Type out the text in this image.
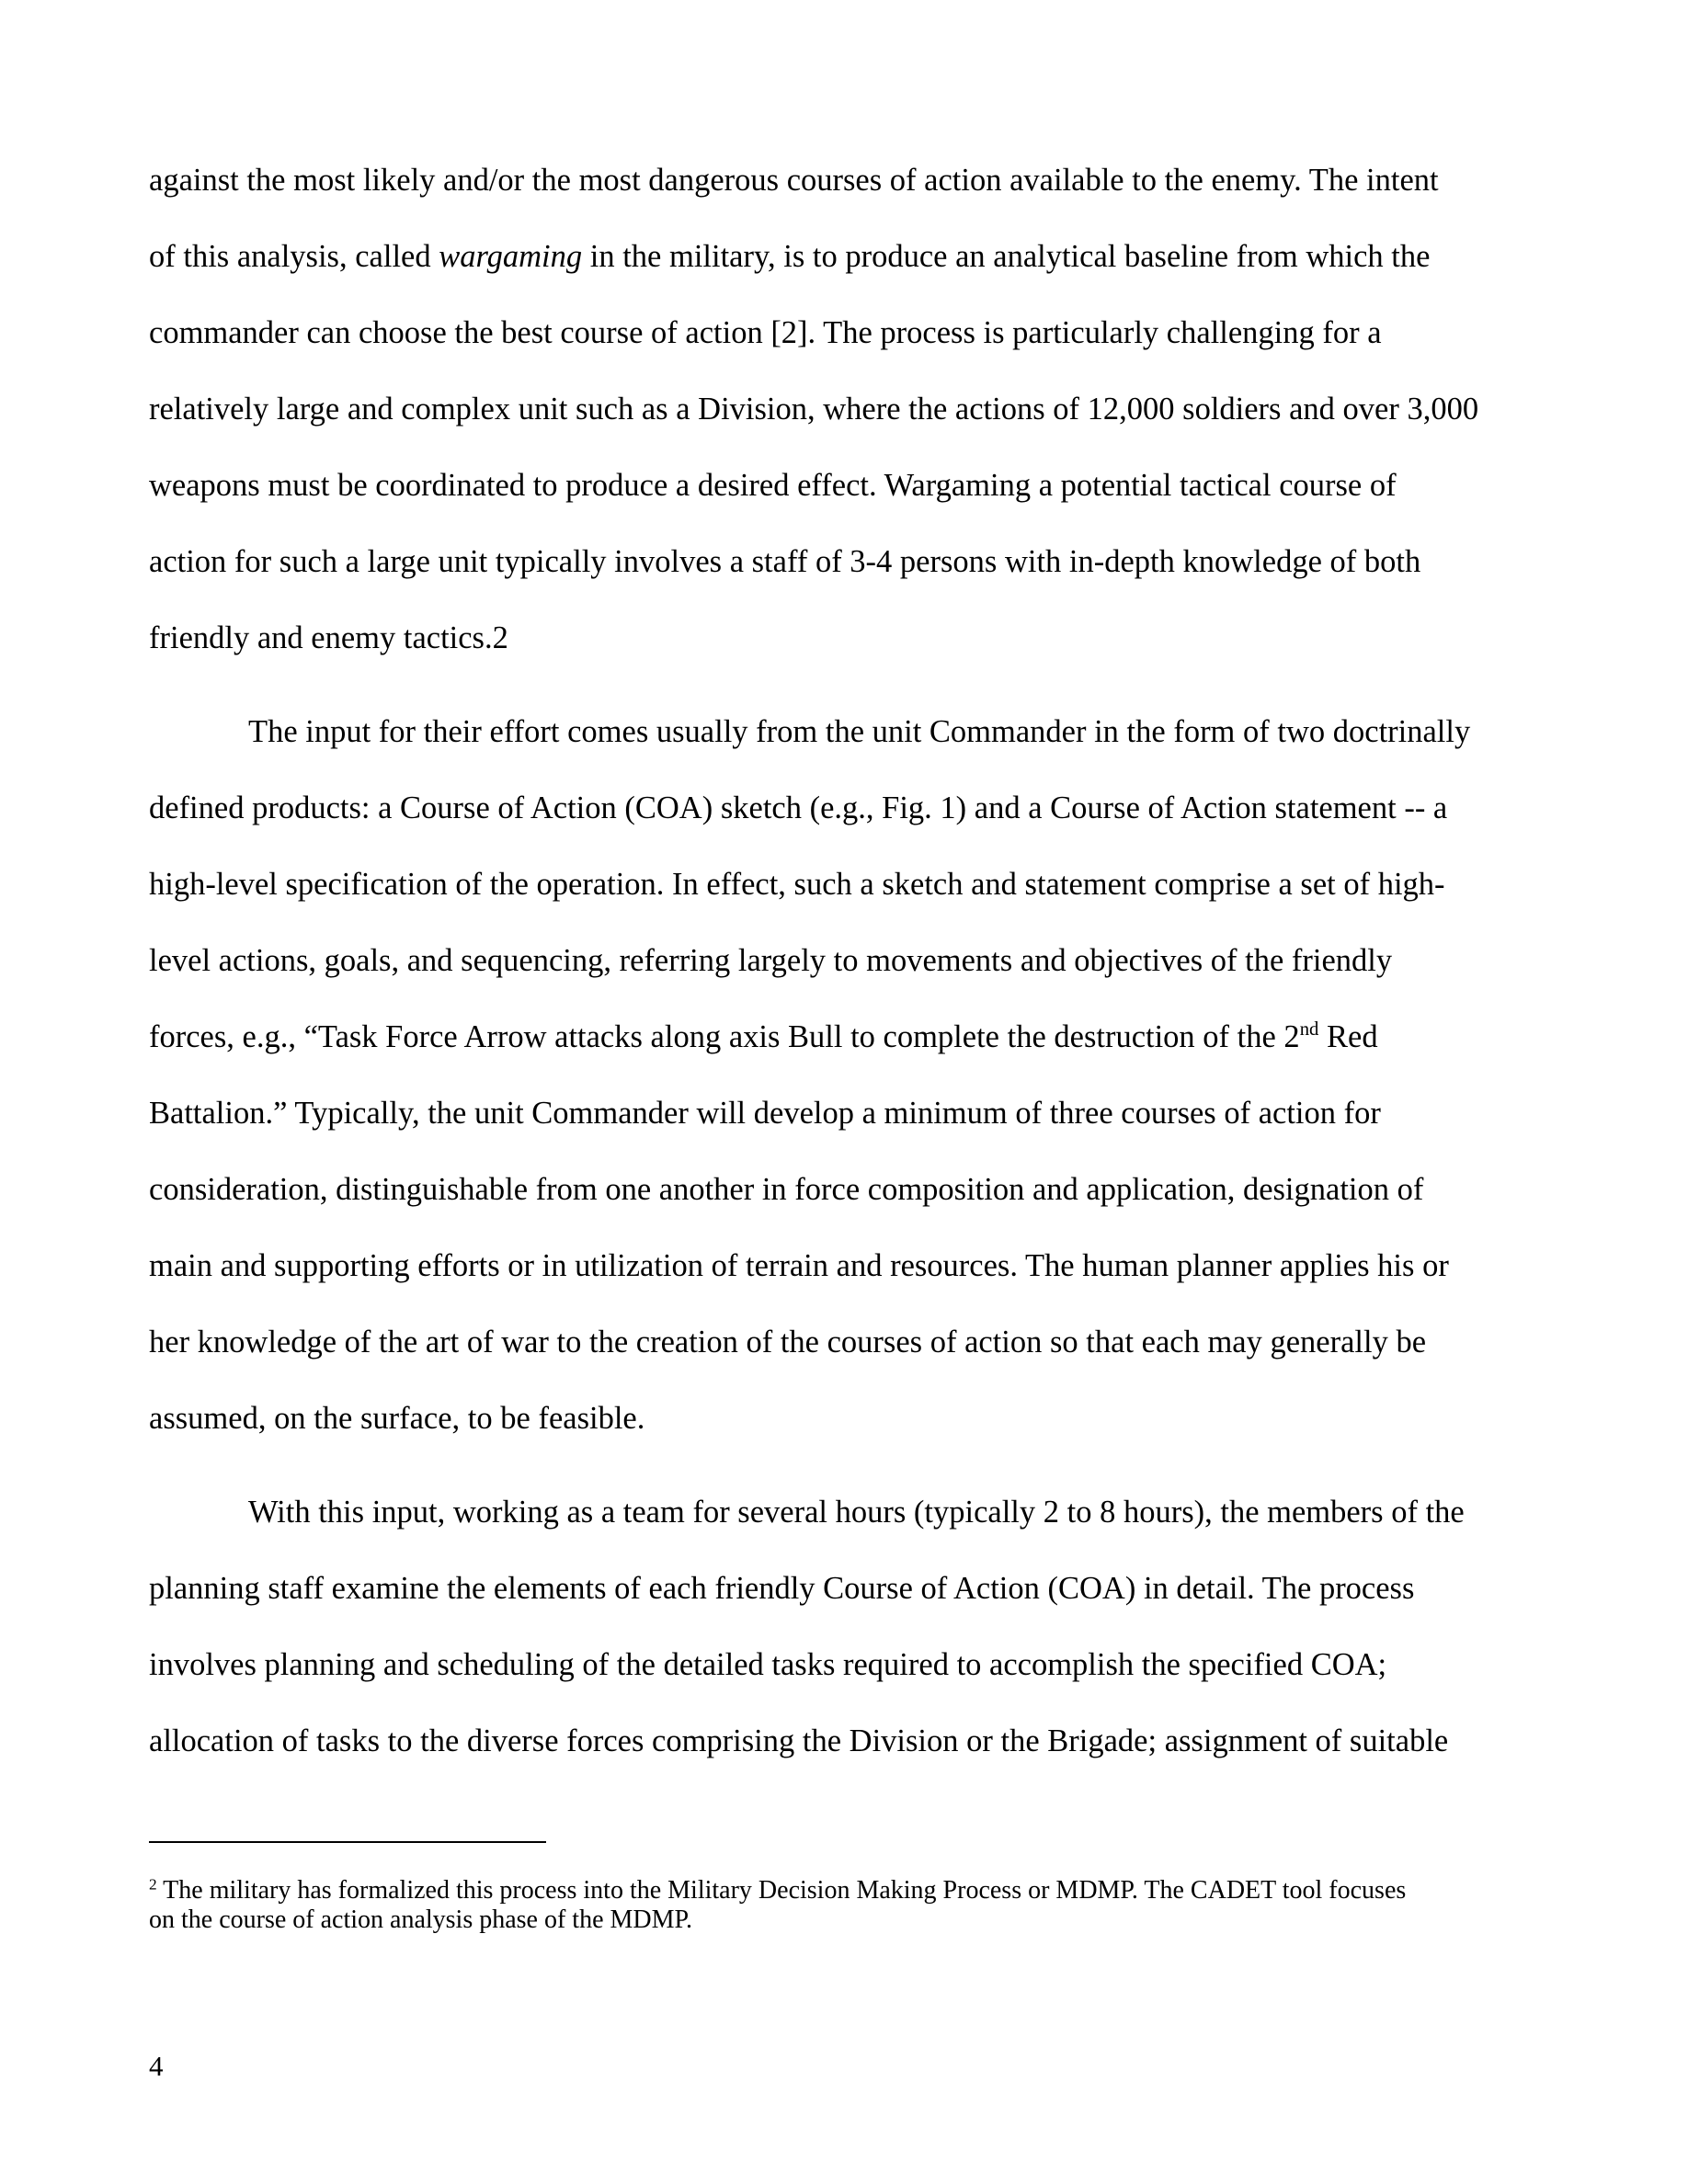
against the most likely and/or the most dangerous courses of action available to the enemy. The intent
of this analysis, called wargaming in the military, is to produce an analytical baseline from which the
commander can choose the best course of action [2]. The process is particularly challenging for a
relatively large and complex unit such as a Division, where the actions of 12,000 soldiers and over 3,000
weapons must be coordinated to produce a desired effect. Wargaming a potential tactical course of
action for such a large unit typically involves a staff of 3-4 persons with in-depth knowledge of both
friendly and enemy tactics.2

The input for their effort comes usually from the unit Commander in the form of two doctrinally
defined products: a Course of Action (COA) sketch (e.g., Fig. 1) and a Course of Action statement -- a
high-level specification of the operation. In effect, such a sketch and statement comprise a set of high-
level actions, goals, and sequencing, referring largely to movements and objectives of the friendly
forces, e.g., “Task Force Arrow attacks along axis Bull to complete the destruction of the 2nd Red
Battalion.” Typically, the unit Commander will develop a minimum of three courses of action for
consideration, distinguishable from one another in force composition and application, designation of
main and supporting efforts or in utilization of terrain and resources. The human planner applies his or
her knowledge of the art of war to the creation of the courses of action so that each may generally be
assumed, on the surface, to be feasible.

With this input, working as a team for several hours (typically 2 to 8 hours), the members of the
planning staff examine the elements of each friendly Course of Action (COA) in detail. The process
involves planning and scheduling of the detailed tasks required to accomplish the specified COA;
allocation of tasks to the diverse forces comprising the Division or the Brigade; assignment of suitable

$^2$ The military has formalized this process into the Military Decision Making Process or MDMP. The CADET tool focuses
on the course of action analysis phase of the MDMP.
4
